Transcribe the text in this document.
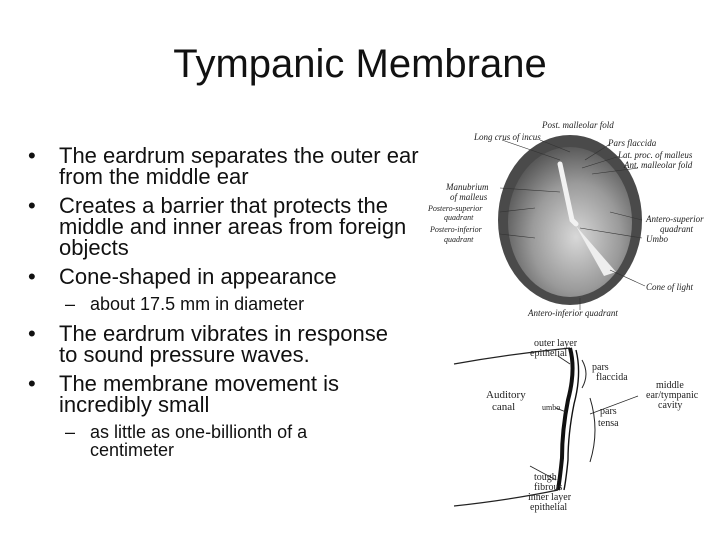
Tympanic Membrane
• The eardrum separates the outer ear from the middle ear
• Creates a barrier that protects the middle and inner areas from foreign objects
• Cone-shaped in appearance
– about 17.5 mm in diameter
• The eardrum vibrates in response to sound pressure waves.
• The membrane movement is incredibly small
– as little as one-billionth of a centimeter
Post. malleolar fold
Long crus of incus
Pars flaccida
Lat. proc. of malleus
Ant. malleolar fold
Manubrium
of malleus
Postero-superior
quadrant
Postero-inferior
quadrant
Antero-superior
quadrant
Umbo
Cone of light
Antero-inferior quadrant
outer layer
epithelial
pars
flaccida
middle
ear/tympanic
cavity
Auditory
canal	umbo	pars
tensa
tough,
fibrous
inner layer
epithelial
